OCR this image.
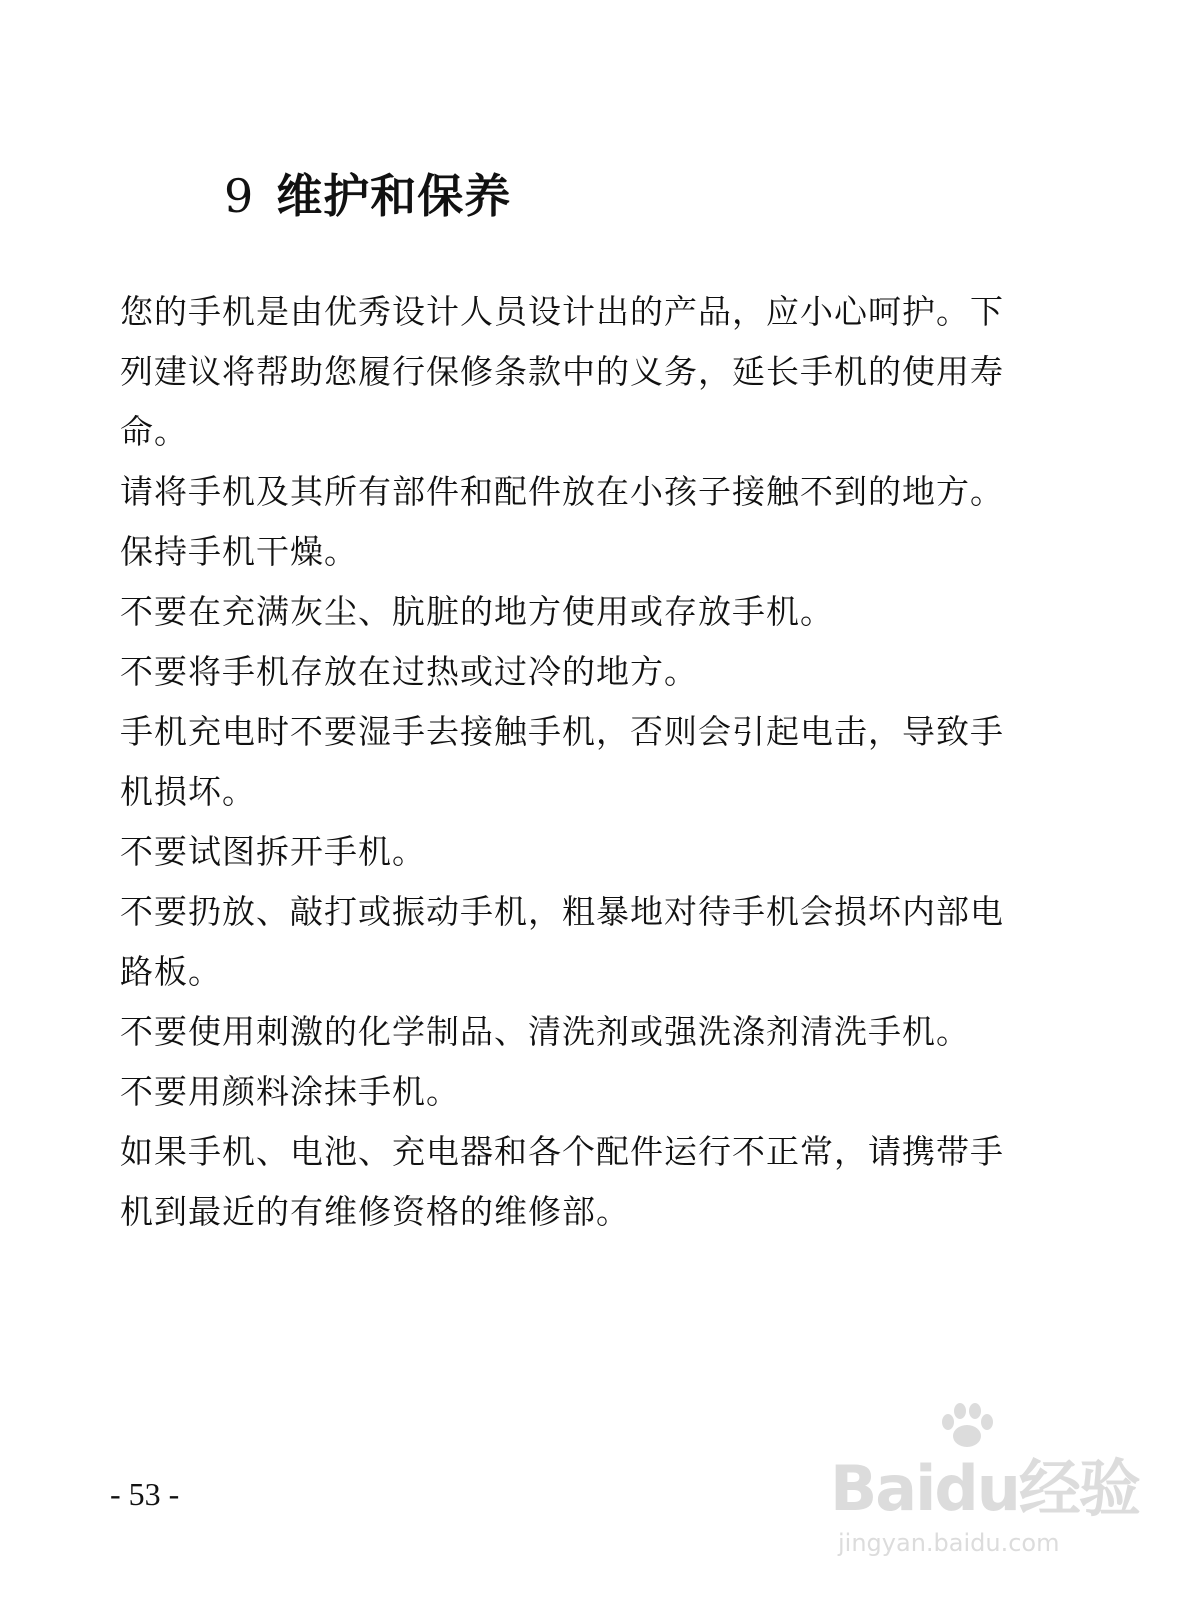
9 维护和保养

您的手机是由优秀设计人员设计出的产品，应小心呵护。下列建议将帮助您履行保修条款中的义务，延长手机的使用寿命。

请将手机及其所有部件和配件放在小孩子接触不到的地方。

保持手机干燥。

不要在充满灰尘、肮脏的地方使用或存放手机。

不要将手机存放在过热或过冷的地方。

手机充电时不要湿手去接触手机，否则会引起电击，导致手机损坏。

不要试图拆开手机。

不要扔放、敲打或振动手机，粗暴地对待手机会损坏内部电路板。

不要使用刺激的化学制品、清洗剂或强洗涤剂清洗手机。

不要用颜料涂抹手机。

如果手机、电池、充电器和各个配件运行不正常，请携带手机到最近的有维修资格的维修部。

- 53 -	Baidu经验
jingyan.baidu.com
